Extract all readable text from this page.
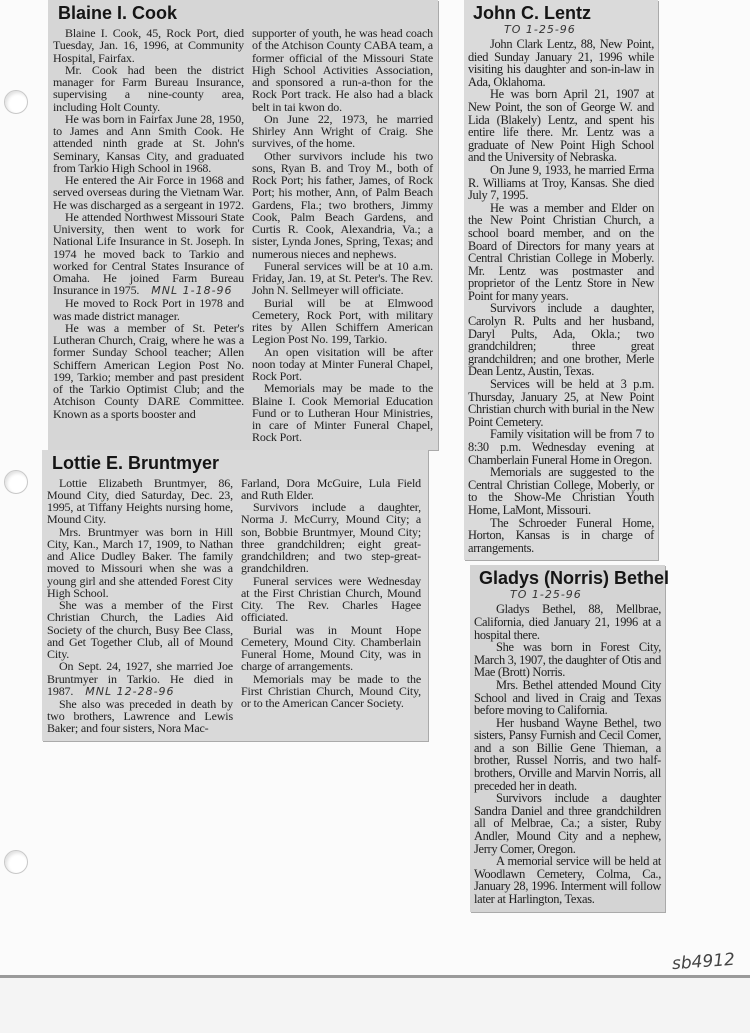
Blaine I. Cook

Blaine I. Cook, 45, Rock Port, died Tuesday, Jan. 16, 1996, at Community Hospital, Fairfax.

Mr. Cook had been the district manager for Farm Bureau Insurance, supervising a nine-county area, including Holt County.

He was born in Fairfax June 28, 1950, to James and Ann Smith Cook. He attended ninth grade at St. John's Seminary, Kansas City, and graduated from Tarkio High School in 1968.

He entered the Air Force in 1968 and served overseas during the Vietnam War. He was discharged as a sergeant in 1972.

He attended Northwest Missouri State University, then went to work for National Life Insurance in St. Joseph. In 1974 he moved back to Tarkio and worked for Central States Insurance of Omaha. He joined Farm Bureau Insurance in 1975. MNL 1-18-96

He moved to Rock Port in 1978 and was made district manager.

He was a member of St. Peter's Lutheran Church, Craig, where he was a former Sunday School teacher; Allen Schiffern American Legion Post No. 199, Tarkio; member and past president of the Tarkio Optimist Club; and the Atchison County DARE Committee. Known as a sports booster and

supporter of youth, he was head coach of the Atchison County CABA team, a former official of the Missouri State High School Activities Association, and sponsored a run-a-thon for the Rock Port track. He also had a black belt in tai kwon do.

On June 22, 1973, he married Shirley Ann Wright of Craig. She survives, of the home.

Other survivors include his two sons, Ryan B. and Troy M., both of Rock Port; his father, James, of Rock Port; his mother, Ann, of Palm Beach Gardens, Fla.; two brothers, Jimmy Cook, Palm Beach Gardens, and Curtis R. Cook, Alexandria, Va.; a sister, Lynda Jones, Spring, Texas; and numerous nieces and nephews.

Funeral services will be at 10 a.m. Friday, Jan. 19, at St. Peter's. The Rev. John N. Sellmeyer will officiate.

Burial will be at Elmwood Cemetery, Rock Port, with military rites by Allen Schiffern American Legion Post No. 199, Tarkio.

An open visitation will be after noon today at Minter Funeral Chapel, Rock Port.

Memorials may be made to the Blaine I. Cook Memorial Education Fund or to Lutheran Hour Ministries, in care of Minter Funeral Chapel, Rock Port.

Lottie E. Bruntmyer

Lottie Elizabeth Bruntmyer, 86, Mound City, died Saturday, Dec. 23, 1995, at Tiffany Heights nursing home, Mound City.

Mrs. Bruntmyer was born in Hill City, Kan., March 17, 1909, to Nathan and Alice Dudley Baker. The family moved to Missouri when she was a young girl and she attended Forest City High School.

She was a member of the First Christian Church, the Ladies Aid Society of the church, Busy Bee Class, and Get Together Club, all of Mound City.

On Sept. 24, 1927, she married Joe Bruntmyer in Tarkio. He died in 1987. MNL 12-28-96

She also was preceded in death by two brothers, Lawrence and Lewis Baker; and four sisters, Nora Mac-

Farland, Dora McGuire, Lula Field and Ruth Elder.

Survivors include a daughter, Norma J. McCurry, Mound City; a son, Bobbie Bruntmyer, Mound City; three grandchildren; eight great-grandchildren; and two step-great-grandchildren.

Funeral services were Wednesday at the First Christian Church, Mound City. The Rev. Charles Hagee officiated.

Burial was in Mount Hope Cemetery, Mound City. Chamberlain Funeral Home, Mound City, was in charge of arrangements.

Memorials may be made to the First Christian Church, Mound City, or to the American Cancer Society.

John C. Lentz
TO 1-25-96

John Clark Lentz, 88, New Point, died Sunday January 21, 1996 while visiting his daughter and son-in-law in Ada, Oklahoma.

He was born April 21, 1907 at New Point, the son of George W. and Lida (Blakely) Lentz, and spent his entire life there. Mr. Lentz was a graduate of New Point High School and the University of Nebraska.

On June 9, 1933, he married Erma R. Williams at Troy, Kansas. She died July 7, 1995.

He was a member and Elder on the New Point Christian Church, a school board member, and on the Board of Directors for many years at Central Christian College in Moberly. Mr. Lentz was postmaster and proprietor of the Lentz Store in New Point for many years.

Survivors include a daughter, Carolyn R. Pults and her husband, Daryl Pults, Ada, Okla.; two grandchildren; three great grandchildren; and one brother, Merle Dean Lentz, Austin, Texas.

Services will be held at 3 p.m. Thursday, January 25, at New Point Christian church with burial in the New Point Cemetery.

Family visitation will be from 7 to 8:30 p.m. Wednesday evening at Chamberlain Funeral Home in Oregon.

Memorials are suggested to the Central Christian College, Moberly, or to the Show-Me Christian Youth Home, LaMont, Missouri.

The Schroeder Funeral Home, Horton, Kansas is in charge of arrangements.

Gladys (Norris) Bethel
TO 1-25-96

Gladys Bethel, 88, Mellbrae, California, died January 21, 1996 at a hospital there.

She was born in Forest City, March 3, 1907, the daughter of Otis and Mae (Brott) Norris.

Mrs. Bethel attended Mound City School and lived in Craig and Texas before moving to California.

Her husband Wayne Bethel, two sisters, Pansy Furnish and Cecil Comer, and a son Billie Gene Thieman, a brother, Russel Norris, and two half-brothers, Orville and Marvin Norris, all preceded her in death.

Survivors include a daughter Sandra Daniel and three grandchildren all of Melbrae, Ca.; a sister, Ruby Andler, Mound City and a nephew, Jerry Comer, Oregon.

A memorial service will be held at Woodlawn Cemetery, Colma, Ca., January 28, 1996. Interment will follow later at Harlington, Texas.

sb4912
